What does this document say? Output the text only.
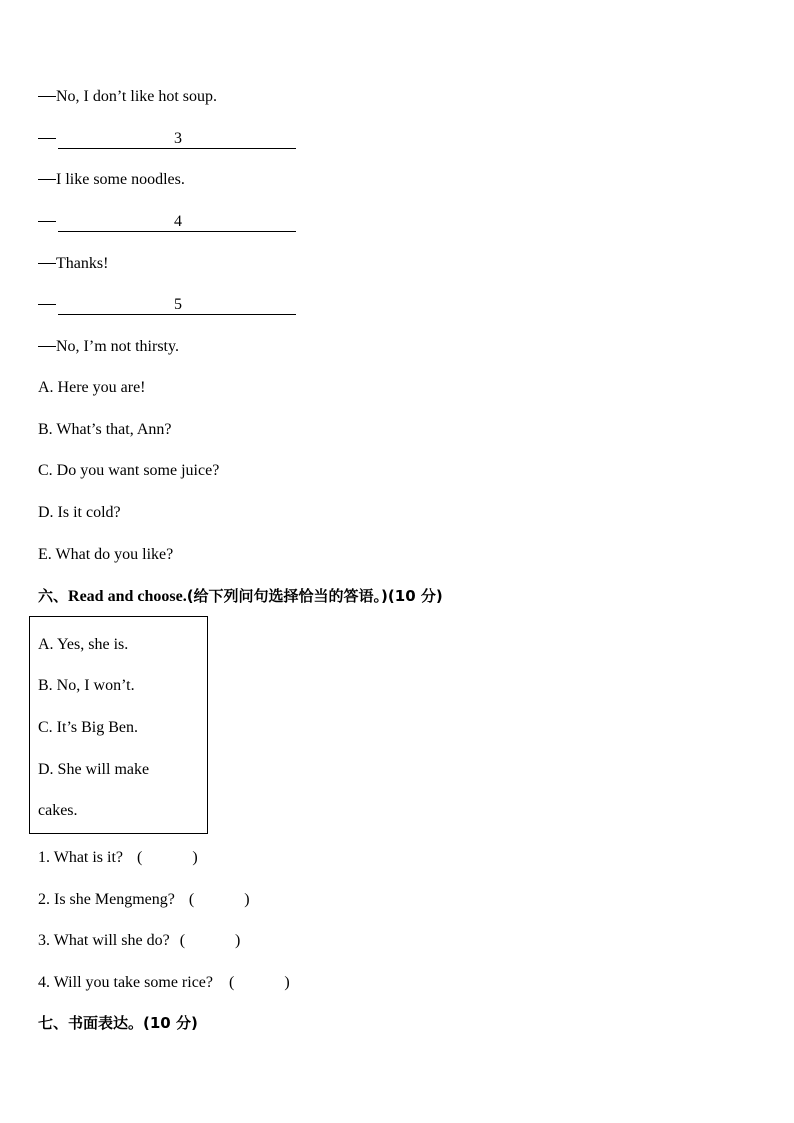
No, I don’t like hot soup.
3
I like some noodles.
4
Thanks!
5
No, I’m not thirsty.
A. Here you are!
B. What’s that, Ann?
C. Do you want some juice?
D. Is it cold?
E. What do you like?
六、Read and choose.(给下列问句选择恰当的答语。)(10 分)
A. Yes, she is.
B. No, I won’t.
C. It’s Big Ben.
D. She will make
cakes.
1. What is it? (	)
2. Is she Mengmeng? (	)
3. What will she do? (	)
4. Will you take some rice? (	)
七、书面表达。(10 分)
